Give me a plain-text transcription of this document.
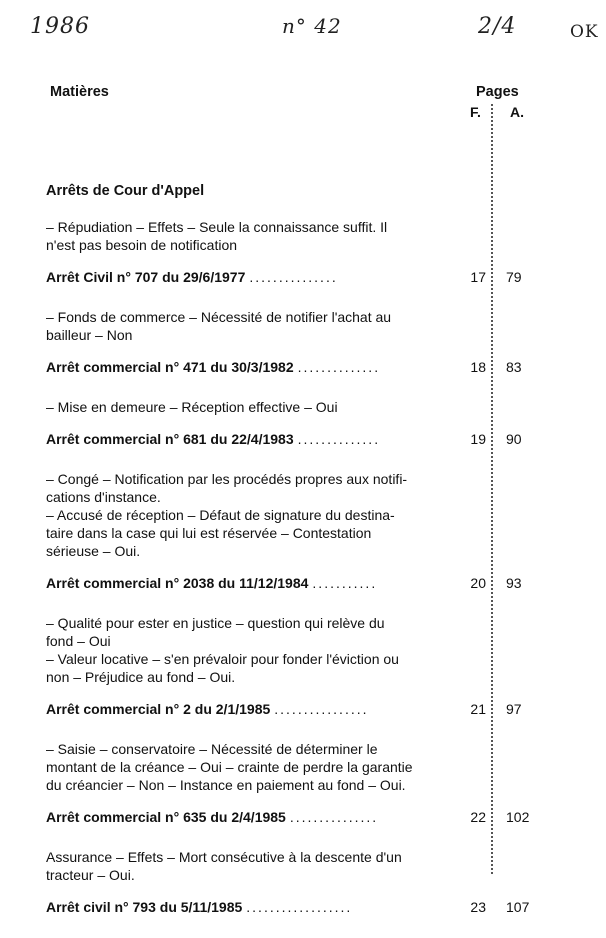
1986	n° 42	2/4	OK
Matières	Pages
F. A.
Arrêts de Cour d'Appel
– Répudiation – Effets – Seule la connaissance suffit. Il
n'est pas besoin de notification
Arrêt Civil n° 707 du 29/6/1977 ...............	17 79
– Fonds de commerce – Nécessité de notifier l'achat au
bailleur – Non
Arrêt commercial n° 471 du 30/3/1982 ..............	18 83
– Mise en demeure – Réception effective – Oui
Arrêt commercial n° 681 du 22/4/1983 ..............	19 90
– Congé – Notification par les procédés propres aux notifi-
cations d'instance.
– Accusé de réception – Défaut de signature du destina-
taire dans la case qui lui est réservée – Contestation
sérieuse – Oui.
Arrêt commercial n° 2038 du 11/12/1984 ...........	20 93
– Qualité pour ester en justice – question qui relève du
fond – Oui
– Valeur locative – s'en prévaloir pour fonder l'éviction ou
non – Préjudice au fond – Oui.
Arrêt commercial n° 2 du 2/1/1985 ................	21 97
– Saisie – conservatoire – Nécessité de déterminer le
montant de la créance – Oui – crainte de perdre la garantie
du créancier – Non – Instance en paiement au fond – Oui.
Arrêt commercial n° 635 du 2/4/1985 ...............	22 102
Assurance – Effets – Mort consécutive à la descente d'un
tracteur – Oui.
Arrêt civil n° 793 du 5/11/1985 ..................	23 107
